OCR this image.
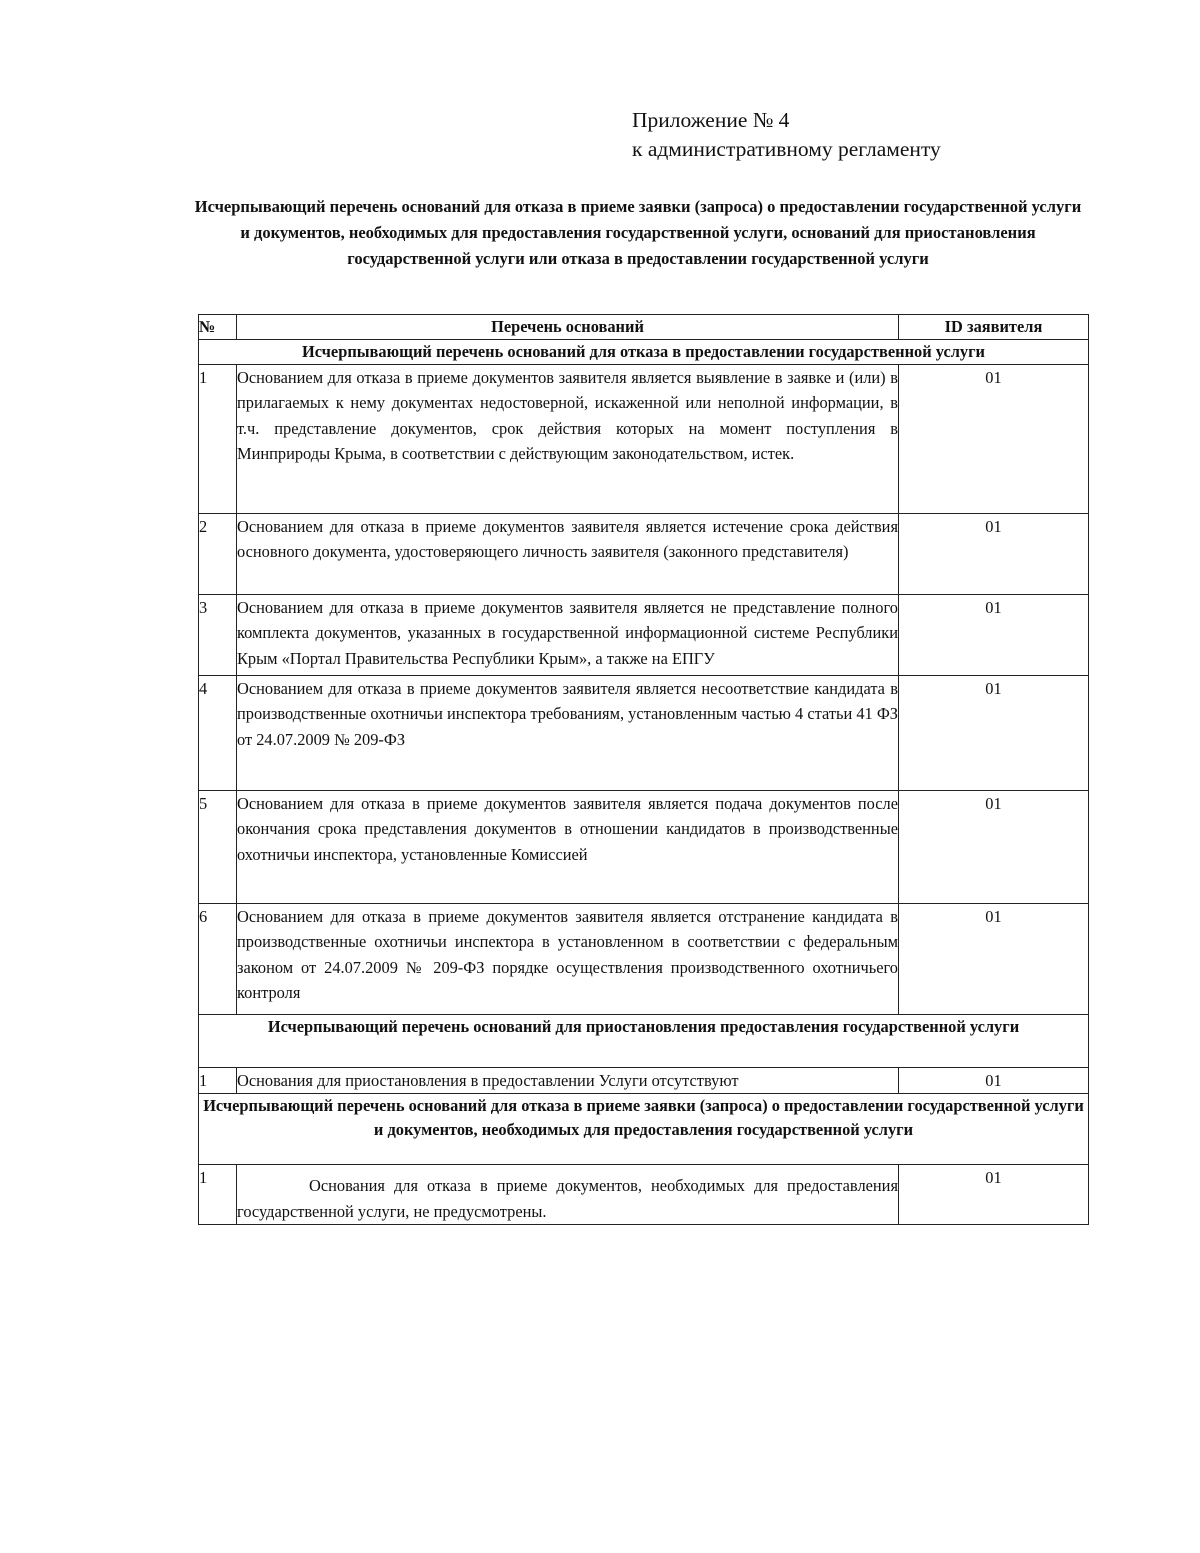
Приложение № 4
к административному регламенту
Исчерпывающий перечень оснований для отказа в приеме заявки (запроса) о предоставлении государственной услуги и документов, необходимых для предоставления государственной услуги, оснований для приостановления государственной услуги или отказа в предоставлении государственной услуги
№	Перечень оснований	ID заявителя
Исчерпывающий перечень оснований для отказа в предоставлении государственной услуги		
1	Основанием для отказа в приеме документов заявителя является выявление в заявке и (или) в прилагаемых к нему документах недостоверной, искаженной или неполной информации, в т.ч. представление документов, срок действия которых на момент поступления в Минприроды Крыма, в соответствии с действующим законодательством, истек.	01
2	Основанием для отказа в приеме документов заявителя является истечение срока действия основного документа, удостоверяющего личность заявителя (законного представителя)	01
3	Основанием для отказа в приеме документов заявителя является не представление полного комплекта документов, указанных в государственной информационной системе Республики Крым «Портал Правительства Республики Крым», а также на ЕПГУ	01
4	Основанием для отказа в приеме документов заявителя является несоответствие кандидата в производственные охотничьи инспектора требованиям, установленным частью 4 статьи 41 ФЗ от 24.07.2009 № 209-ФЗ	01
5	Основанием для отказа в приеме документов заявителя является подача документов после окончания срока представления документов в отношении кандидатов в производственные охотничьи инспектора, установленные Комиссией	01
6	Основанием для отказа в приеме документов заявителя является отстранение кандидата в производственные охотничьи инспектора в установленном в соответствии с федеральным законом от 24.07.2009 № 209-ФЗ порядке осуществления производственного охотничьего контроля	01
Исчерпывающий перечень оснований для приостановления предоставления государственной услуги		
1	Основания для приостановления в предоставлении Услуги отсутствуют	01
Исчерпывающий перечень оснований для отказа в приеме заявки (запроса) о предоставлении государственной услуги и документов, необходимых для предоставления государственной услуги		
1	Основания для отказа в приеме документов, необходимых для предоставления государственной услуги, не предусмотрены.	01
